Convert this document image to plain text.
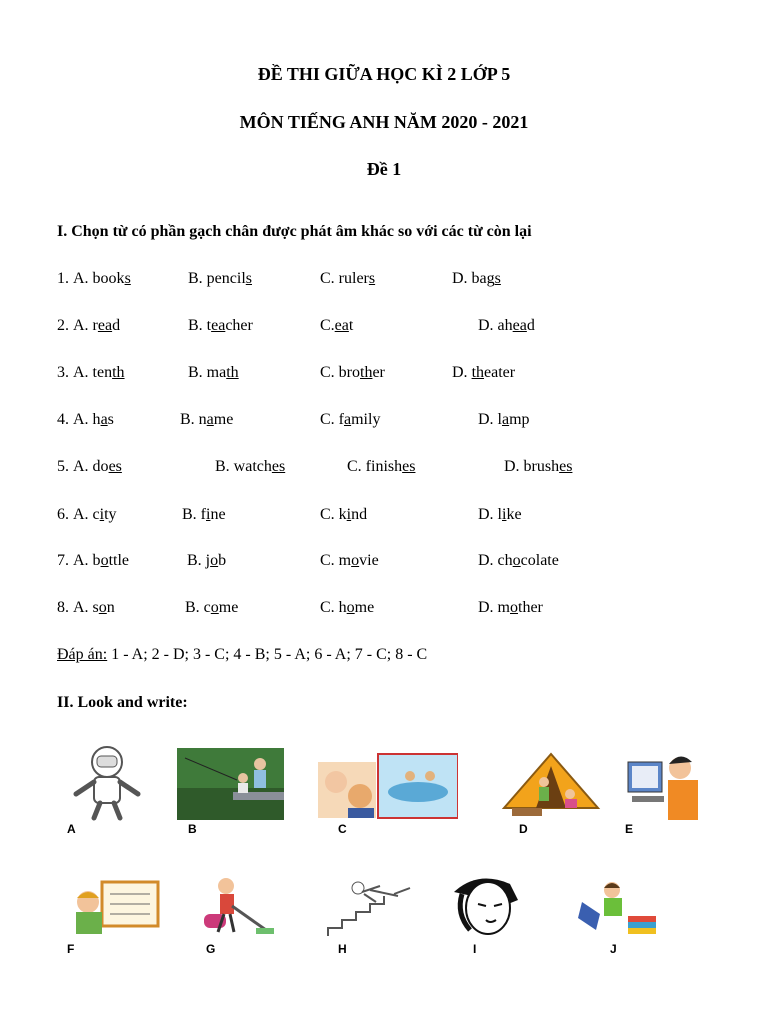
ĐỀ THI GIỮA HỌC KÌ 2 LỚP 5
MÔN TIẾNG ANH NĂM 2020 - 2021
Đề 1
I. Chọn từ có phần gạch chân được phát âm khác so với các từ còn lại
1. A. books	B. pencils	C. rulers	D. bags
2. A. read	B. teacher	C.eat	D. ahead
3. A. tenth	B. math	C. brother	D. theater
4. A. has	B. name	C. family	D. lamp
5. A. does	B. watches	C. finishes	D. brushes
6. A. city	B. fine	C. kind	D. like
7. A. bottle	B. job	C. movie	D. chocolate
8. A. son	B. come	C. home	D. mother
Đáp án: 1 - A; 2 - D; 3 - C; 4 - B; 5 - A; 6 - A; 7 - C; 8 - C
II. Look and write:
A	B	C	D	E
F	G	H	I	J
